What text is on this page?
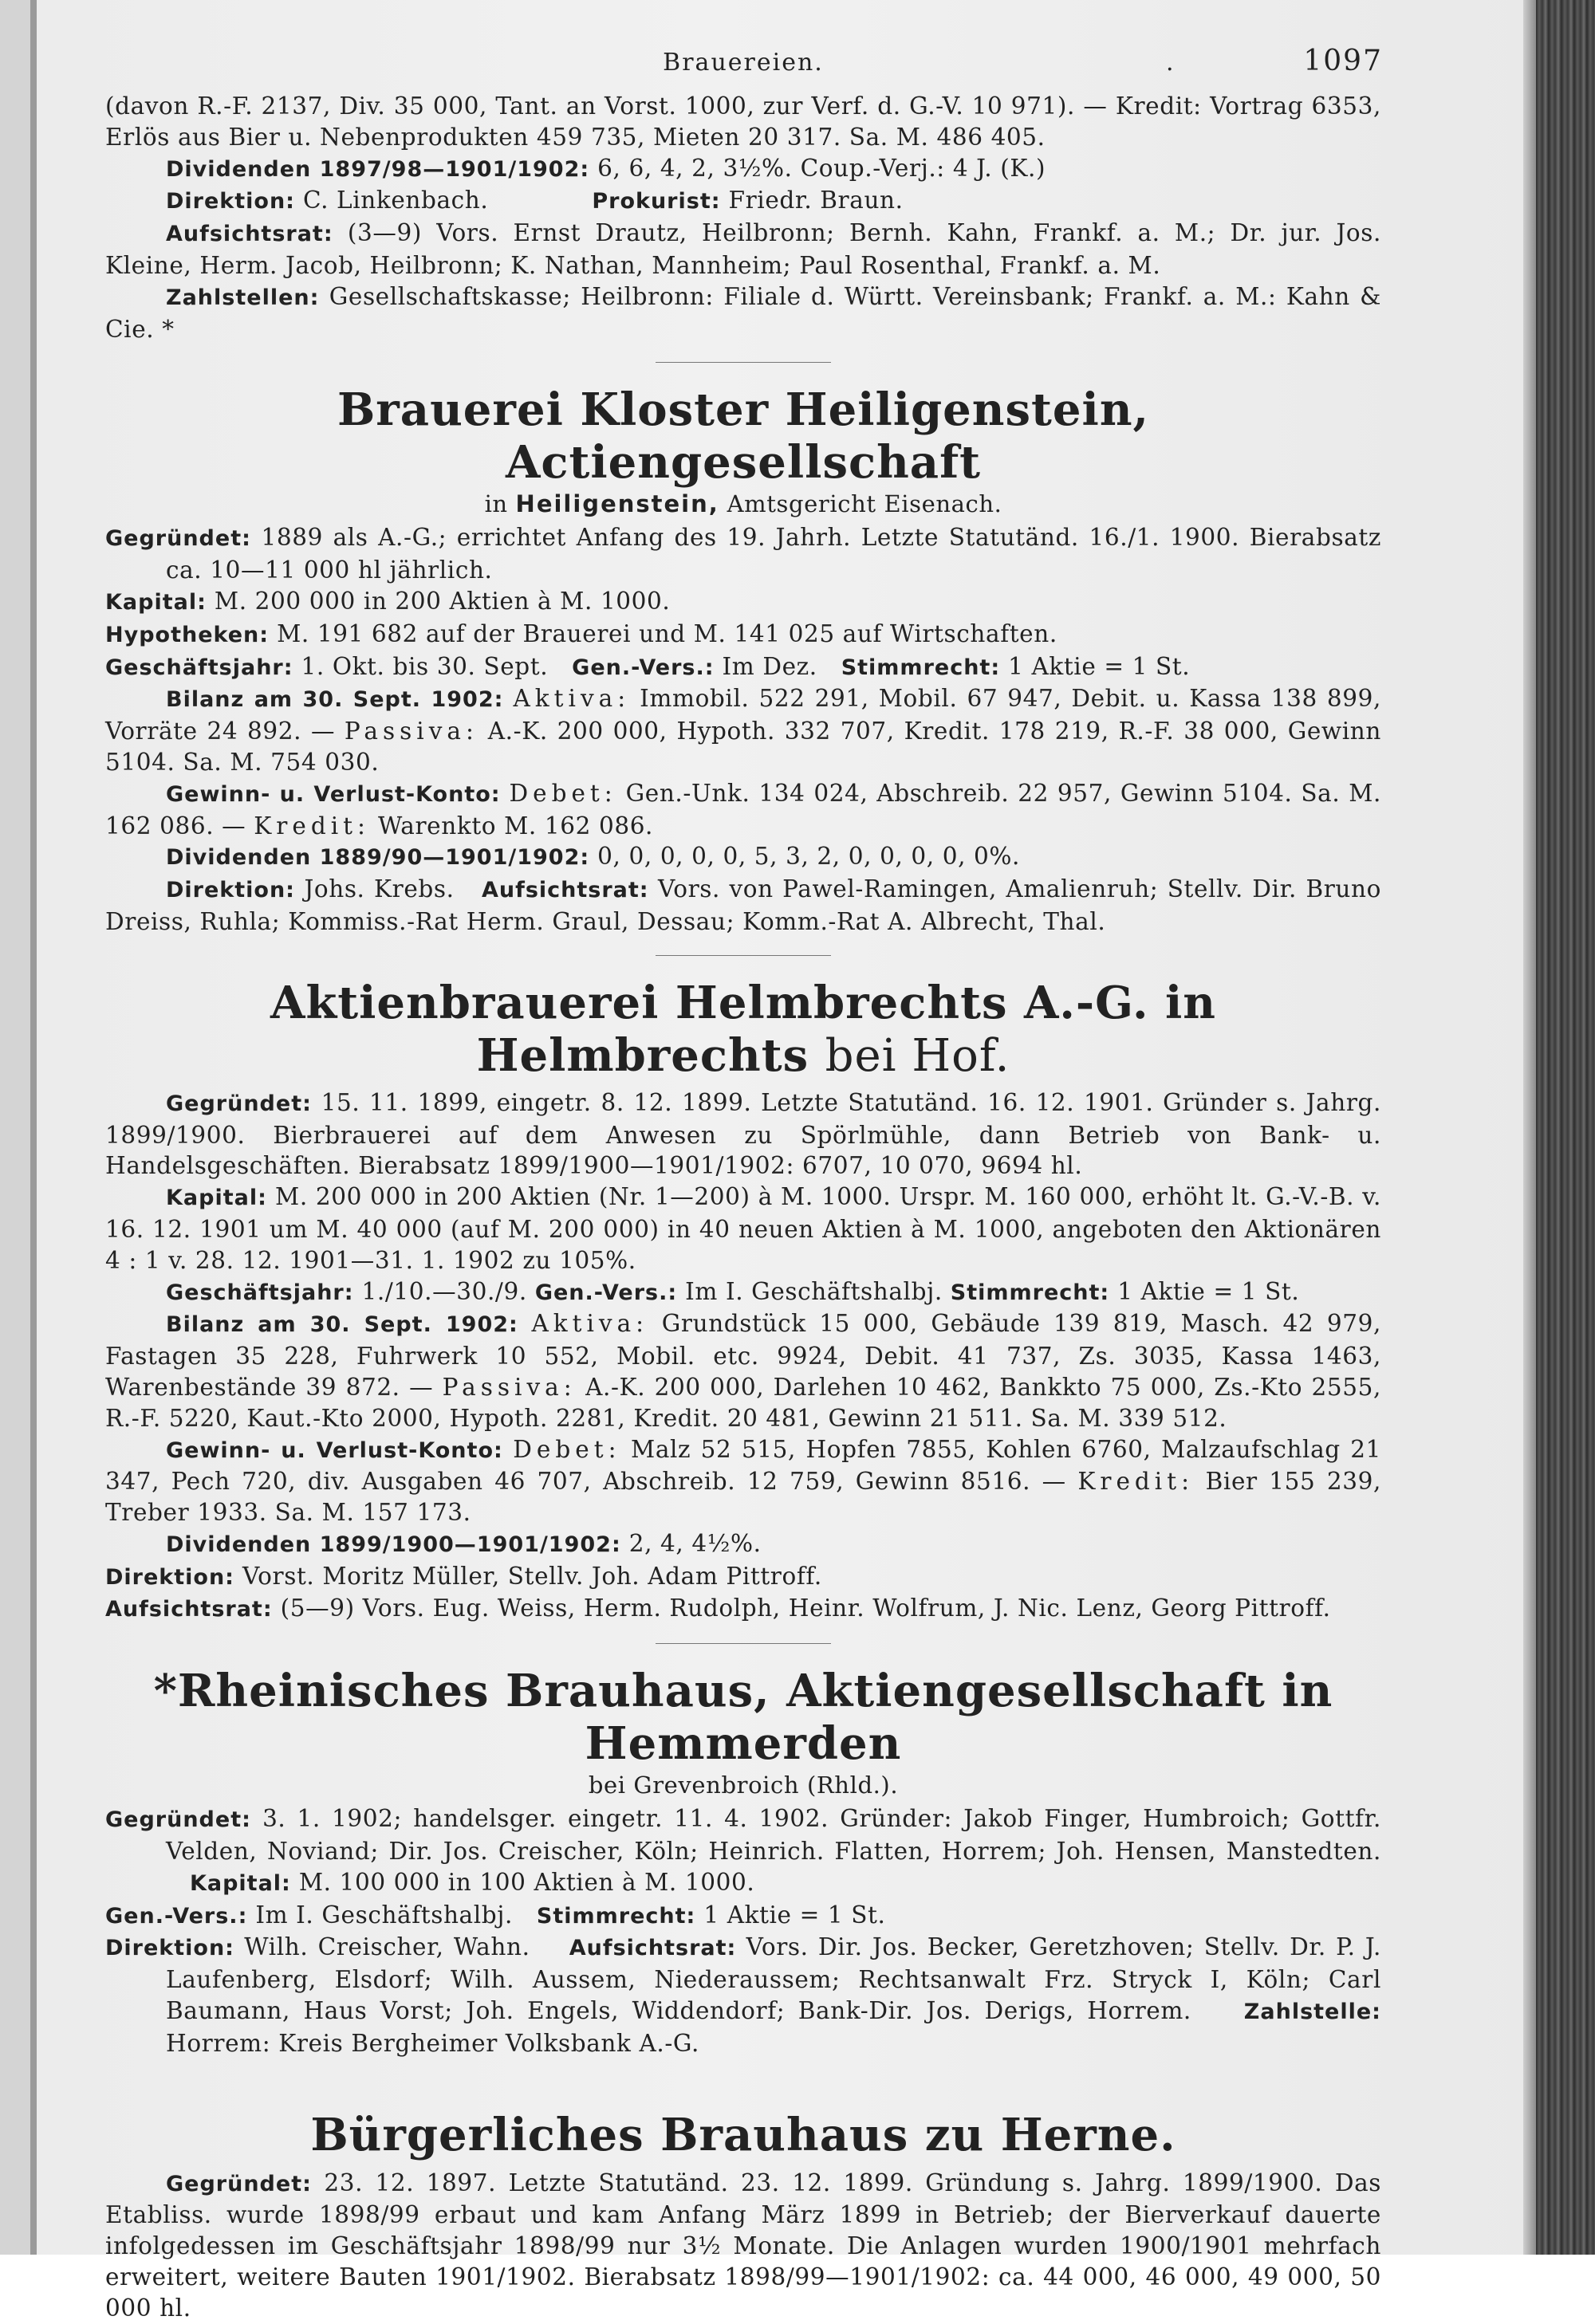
Brauereien.	.	1097

(davon R.-F. 2137, Div. 35 000, Tant. an Vorst. 1000, zur Verf. d. G.-V. 10 971). — Kredit: Vortrag 6353, Erlös aus Bier u. Nebenprodukten 459 735, Mieten 20 317. Sa. M. 486 405.

Dividenden 1897/98—1901/1902: 6, 6, 4, 2, 3½%. Coup.-Verj.: 4 J. (K.)

Direktion: C. Linkenbach.	Prokurist: Friedr. Braun.

Aufsichtsrat: (3—9) Vors. Ernst Drautz, Heilbronn; Bernh. Kahn, Frankf. a. M.; Dr. jur. Jos. Kleine, Herm. Jacob, Heilbronn; K. Nathan, Mannheim; Paul Rosenthal, Frankf. a. M.

Zahlstellen: Gesellschaftskasse; Heilbronn: Filiale d. Württ. Vereinsbank; Frankf. a. M.: Kahn & Cie. *

Brauerei Kloster Heiligenstein, Actiengesellschaft
in Heiligenstein, Amtsgericht Eisenach.

Gegründet: 1889 als A.-G.; errichtet Anfang des 19. Jahrh. Letzte Statutänd. 16./1. 1900. Bierabsatz ca. 10—11 000 hl jährlich.

Kapital: M. 200 000 in 200 Aktien à M. 1000.

Hypotheken: M. 191 682 auf der Brauerei und M. 141 025 auf Wirtschaften.

Geschäftsjahr: 1. Okt. bis 30. Sept. Gen.-Vers.: Im Dez. Stimmrecht: 1 Aktie = 1 St.

Bilanz am 30. Sept. 1902: Aktiva: Immobil. 522 291, Mobil. 67 947, Debit. u. Kassa 138 899, Vorräte 24 892. — Passiva: A.-K. 200 000, Hypoth. 332 707, Kredit. 178 219, R.-F. 38 000, Gewinn 5104. Sa. M. 754 030.

Gewinn- u. Verlust-Konto: Debet: Gen.-Unk. 134 024, Abschreib. 22 957, Gewinn 5104. Sa. M. 162 086. — Kredit: Warenkto M. 162 086.

Dividenden 1889/90—1901/1902: 0, 0, 0, 0, 0, 5, 3, 2, 0, 0, 0, 0, 0%.

Direktion: Johs. Krebs. Aufsichtsrat: Vors. von Pawel-Ramingen, Amalienruh; Stellv. Dir. Bruno Dreiss, Ruhla; Kommiss.-Rat Herm. Graul, Dessau; Komm.-Rat A. Albrecht, Thal.

Aktienbrauerei Helmbrechts A.-G. in Helmbrechts bei Hof.

Gegründet: 15. 11. 1899, eingetr. 8. 12. 1899. Letzte Statutänd. 16. 12. 1901. Gründer s. Jahrg. 1899/1900. Bierbrauerei auf dem Anwesen zu Spörlmühle, dann Betrieb von Bank- u. Handelsgeschäften. Bierabsatz 1899/1900—1901/1902: 6707, 10 070, 9694 hl.

Kapital: M. 200 000 in 200 Aktien (Nr. 1—200) à M. 1000. Urspr. M. 160 000, erhöht lt. G.-V.-B. v. 16. 12. 1901 um M. 40 000 (auf M. 200 000) in 40 neuen Aktien à M. 1000, angeboten den Aktionären 4 : 1 v. 28. 12. 1901—31. 1. 1902 zu 105%.

Geschäftsjahr: 1./10.—30./9. Gen.-Vers.: Im I. Geschäftshalbj. Stimmrecht: 1 Aktie = 1 St.

Bilanz am 30. Sept. 1902: Aktiva: Grundstück 15 000, Gebäude 139 819, Masch. 42 979, Fastagen 35 228, Fuhrwerk 10 552, Mobil. etc. 9924, Debit. 41 737, Zs. 3035, Kassa 1463, Warenbestände 39 872. — Passiva: A.-K. 200 000, Darlehen 10 462, Bankkto 75 000, Zs.-Kto 2555, R.-F. 5220, Kaut.-Kto 2000, Hypoth. 2281, Kredit. 20 481, Gewinn 21 511. Sa. M. 339 512.

Gewinn- u. Verlust-Konto: Debet: Malz 52 515, Hopfen 7855, Kohlen 6760, Malzaufschlag 21 347, Pech 720, div. Ausgaben 46 707, Abschreib. 12 759, Gewinn 8516. — Kredit: Bier 155 239, Treber 1933. Sa. M. 157 173.

Dividenden 1899/1900—1901/1902: 2, 4, 4½%.

Direktion: Vorst. Moritz Müller, Stellv. Joh. Adam Pittroff.

Aufsichtsrat: (5—9) Vors. Eug. Weiss, Herm. Rudolph, Heinr. Wolfrum, J. Nic. Lenz, Georg Pittroff.

*Rheinisches Brauhaus, Aktiengesellschaft in Hemmerden
bei Grevenbroich (Rhld.).

Gegründet: 3. 1. 1902; handelsger. eingetr. 11. 4. 1902. Gründer: Jakob Finger, Humbroich; Gottfr. Velden, Noviand; Dir. Jos. Creischer, Köln; Heinrich. Flatten, Horrem; Joh. Hensen, Manstedten.    Kapital: M. 100 000 in 100 Aktien à M. 1000.

Gen.-Vers.: Im I. Geschäftshalbj. Stimmrecht: 1 Aktie = 1 St.

Direktion: Wilh. Creischer, Wahn. Aufsichtsrat: Vors. Dir. Jos. Becker, Geretzhoven; Stellv. Dr. P. J. Laufenberg, Elsdorf; Wilh. Aussem, Niederaussem; Rechtsanwalt Frz. Stryck I, Köln; Carl Baumann, Haus Vorst; Joh. Engels, Widdendorf; Bank-Dir. Jos. Derigs, Horrem. Zahlstelle: Horrem: Kreis Bergheimer Volksbank A.-G.

Bürgerliches Brauhaus zu Herne.

Gegründet: 23. 12. 1897. Letzte Statutänd. 23. 12. 1899. Gründung s. Jahrg. 1899/1900. Das Etabliss. wurde 1898/99 erbaut und kam Anfang März 1899 in Betrieb; der Bierverkauf dauerte infolgedessen im Geschäftsjahr 1898/99 nur 3½ Monate. Die Anlagen wurden 1900/1901 mehrfach erweitert, weitere Bauten 1901/1902. Bierabsatz 1898/99—1901/1902: ca. 44 000, 46 000, 49 000, 50 000 hl.
